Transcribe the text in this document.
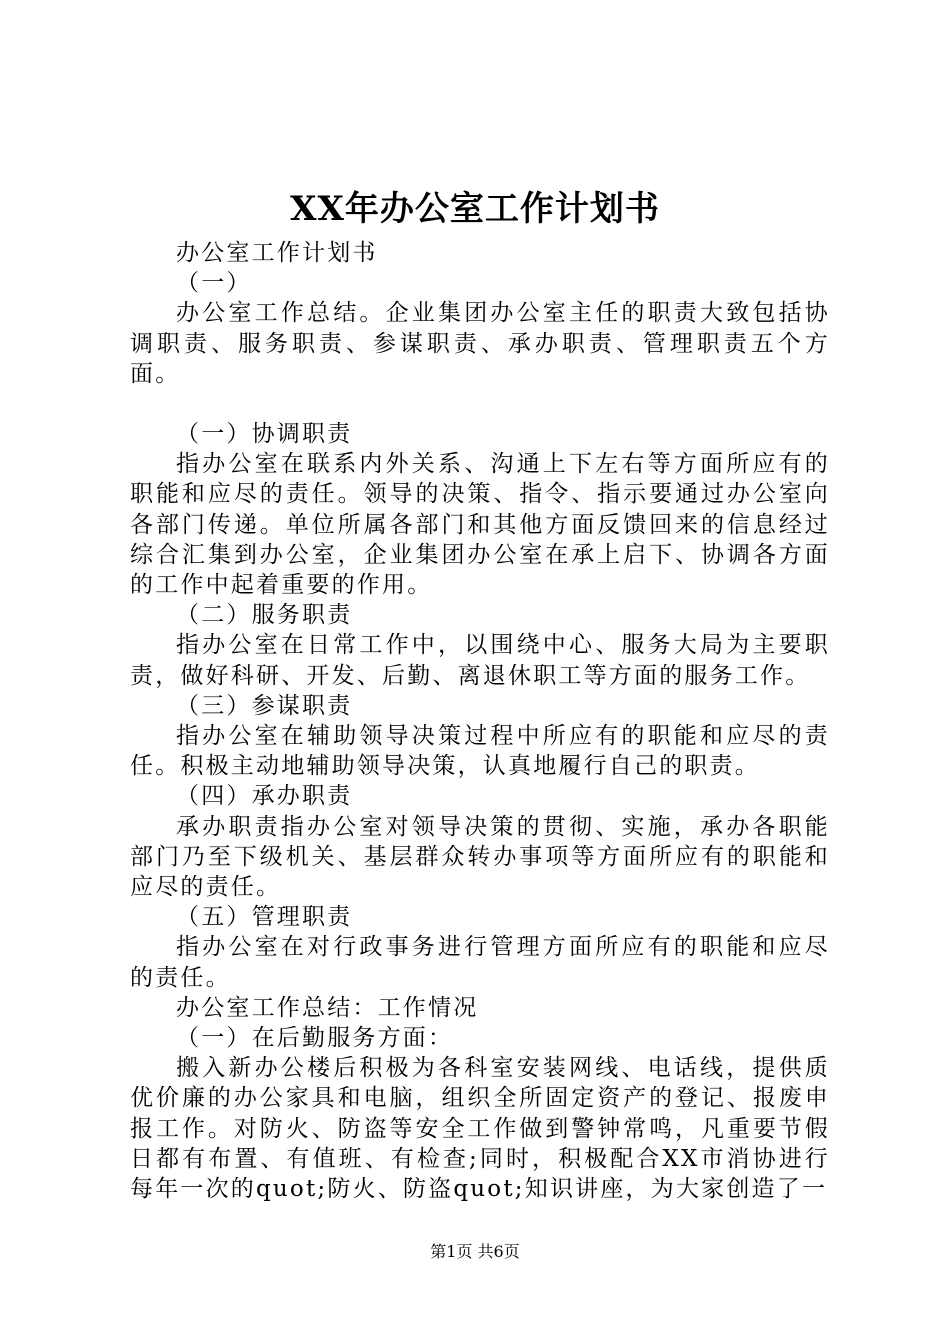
XX年办公室工作计划书

办公室工作计划书

（一）

办公室工作总结。企业集团办公室主任的职责大致包括协调职责、服务职责、参谋职责、承办职责、管理职责五个方面。

（一）协调职责

指办公室在联系内外关系、沟通上下左右等方面所应有的职能和应尽的责任。领导的决策、指令、指示要通过办公室向各部门传递。单位所属各部门和其他方面反馈回来的信息经过综合汇集到办公室，企业集团办公室在承上启下、协调各方面的工作中起着重要的作用。

（二）服务职责

指办公室在日常工作中，以围绕中心、服务大局为主要职责，做好科研、开发、后勤、离退休职工等方面的服务工作。

（三）参谋职责

指办公室在辅助领导决策过程中所应有的职能和应尽的责任。积极主动地辅助领导决策，认真地履行自己的职责。

（四）承办职责

承办职责指办公室对领导决策的贯彻、实施，承办各职能部门乃至下级机关、基层群众转办事项等方面所应有的职能和应尽的责任。

（五）管理职责

指办公室在对行政事务进行管理方面所应有的职能和应尽的责任。

办公室工作总结：工作情况

（一）在后勤服务方面：

搬入新办公楼后积极为各科室安装网线、电话线，提供质优价廉的办公家具和电脑，组织全所固定资产的登记、报废申报工作。对防火、防盗等安全工作做到警钟常鸣，凡重要节假日都有布置、有值班、有检查;同时，积极配合XX市消协进行每年一次的quot;防火、防盗quot;知识讲座，为大家创造了一

第1页 共6页
